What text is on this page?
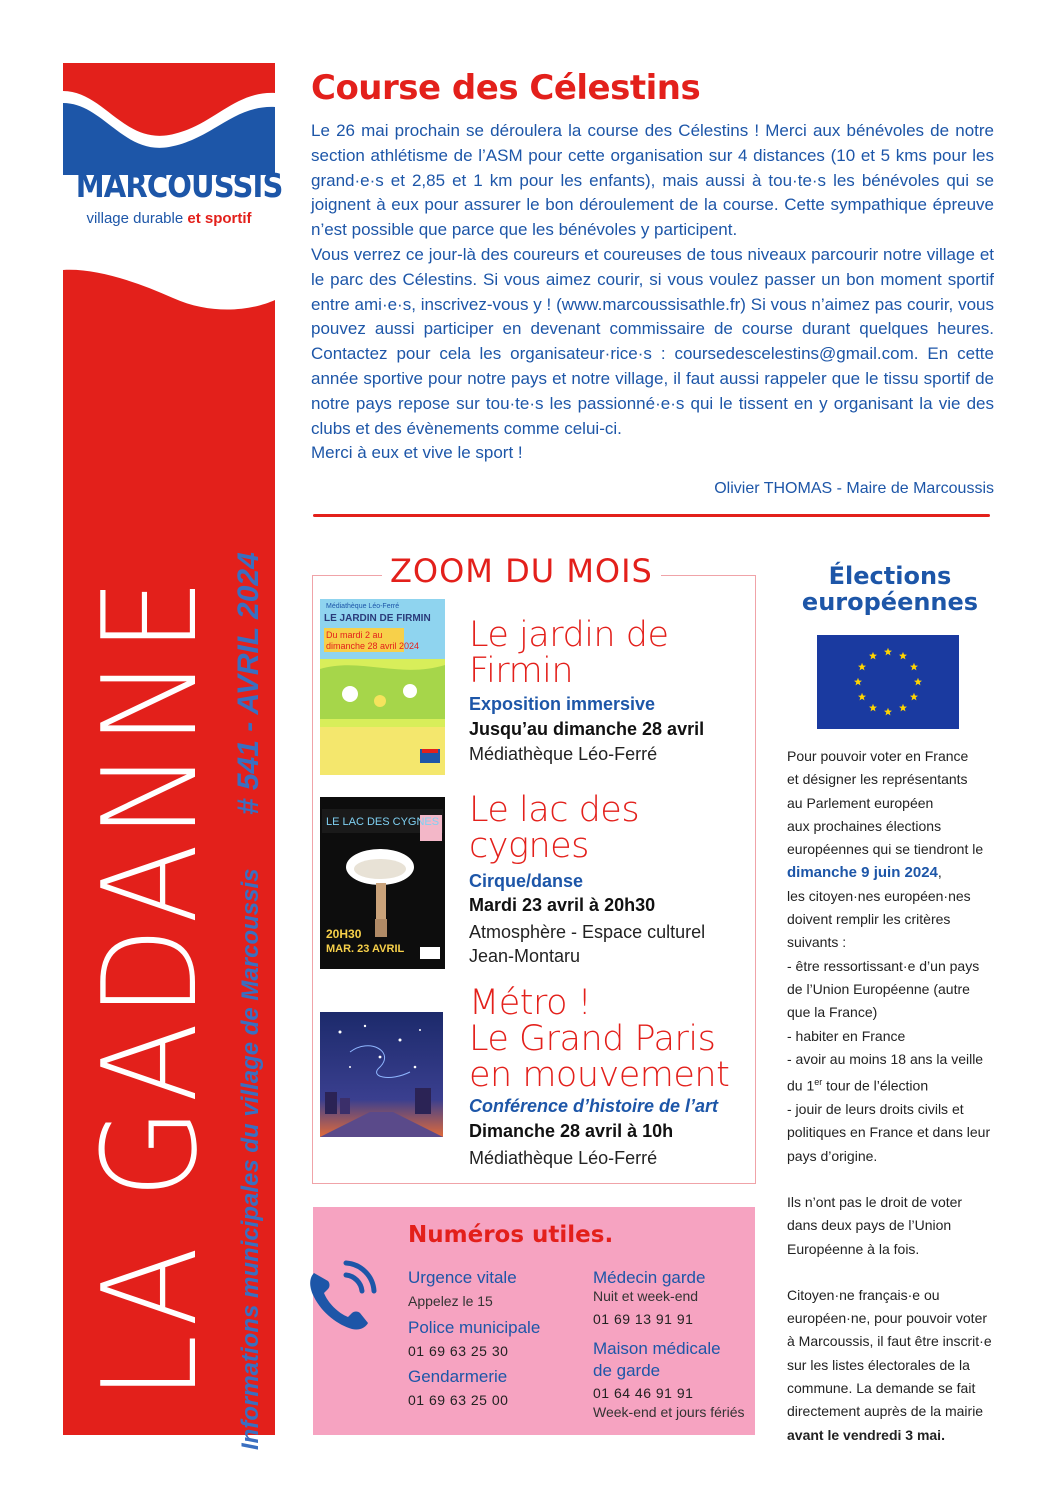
MARCOUSSIS
village durable et sportif
LA GADANNE Informations municipales du village de Marcoussis        # 541 - AVRIL 2024
Course des Célestins

Le 26 mai prochain se déroulera la course des Célestins ! Merci aux bénévoles de notre section athlétisme de l’ASM pour cette organisation sur 4 distances (10 et 5 kms pour les grand·e·s et 2,85 et 1 km pour les enfants), mais aussi à tou·te·s les bénévoles qui se joignent à eux pour assurer le bon déroulement de la course. Cette sympathique épreuve n’est possible que parce que les bénévoles y participent.

Vous verrez ce jour-là des coureurs et coureuses de tous niveaux parcourir notre village et le parc des Célestins. Si vous aimez courir, si vous voulez passer un bon moment sportif entre ami·e·s, inscrivez-vous y ! (www.marcoussisathle.fr) Si vous n’aimez pas courir, vous pouvez aussi participer en devenant commissaire de course durant quelques heures. Contactez pour cela les organisateur·rice·s : coursedescelestins@gmail.com. En cette année sportive pour notre pays et notre village, il faut aussi rappeler que le tissu sportif de notre pays repose sur tou·te·s les passionné·e·s qui le tissent en y organisant la vie des clubs et des évènements comme celui-ci.

Merci à eux et vive le sport !

Olivier THOMAS - Maire de Marcoussis
ZOOM DU MOIS
Médiathèque Léo-Ferré
LE JARDIN DE FIRMIN
Du mardi 2 au
dimanche 28 avril 2024
LE LAC DES CYGNES
20H30
MAR. 23 AVRIL
Le jardin de
Firmin
Exposition immersive
Jusqu’au dimanche 28 avril
Médiathèque Léo-Ferré
Le lac des
cygnes
Cirque/danse
Mardi 23 avril à 20h30
Atmosphère - Espace culturel
Jean-Montaru
Métro !
Le Grand Paris
en mouvement
Conférence d’histoire de l’art
Dimanche 28 avril à 10h
Médiathèque Léo-Ferré
Élections
européennes

Pour pouvoir voter en France

et désigner les représentants

au Parlement européen

aux prochaines élections

européennes qui se tiendront le

dimanche 9 juin 2024,

les citoyen·nes européen·nes

doivent remplir les critères

suivants :

- être ressortissant·e d’un pays

de l’Union Européenne (autre

que la France)

- habiter en France

- avoir au moins 18 ans la veille

du 1er tour de l’élection

- jouir de leurs droits civils et

politiques en France et dans leur

pays d’origine.

Ils n’ont pas le droit de voter

dans deux pays de l’Union

Européenne à la fois.

Citoyen·ne français·e ou

européen·ne, pour pouvoir voter

à Marcoussis, il faut être inscrit·e

sur les listes électorales de la

commune. La demande se fait

directement auprès de la mairie

avant le vendredi 3 mai.

Numéros utiles.
Urgence vitale
Appelez le 15
Police municipale
01 69 63 25 30
Gendarmerie
01 69 63 25 00
Médecin garde
Nuit et week-end
01 69 13 91 91
Maison médicale
de garde
01 64 46 91 91
Week-end et jours fériés
